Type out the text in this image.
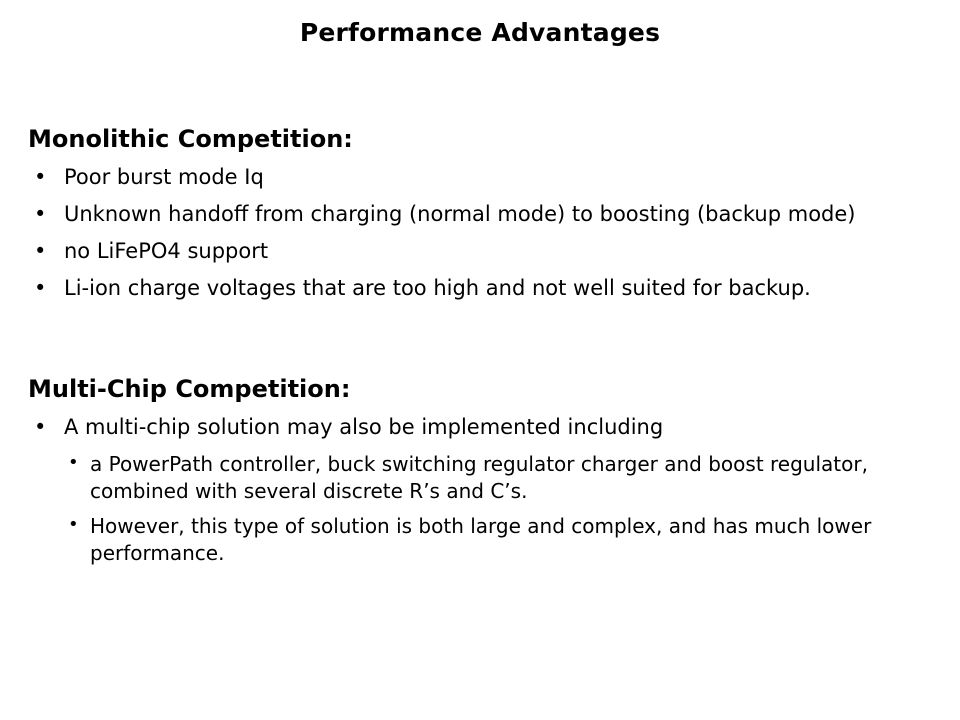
Performance Advantages
Monolithic Competition:
• Poor burst mode Iq
• Unknown handoff from charging (normal mode) to boosting (backup mode)
• no LiFePO4 support
• Li-ion charge voltages that are too high and not well suited for backup.
Multi-Chip Competition:
• A multi-chip solution may also be implemented including
• a PowerPath controller, buck switching regulator charger and boost regulator, combined with several discrete R’s and C’s.
• However, this type of solution is both large and complex, and has much lower performance.
